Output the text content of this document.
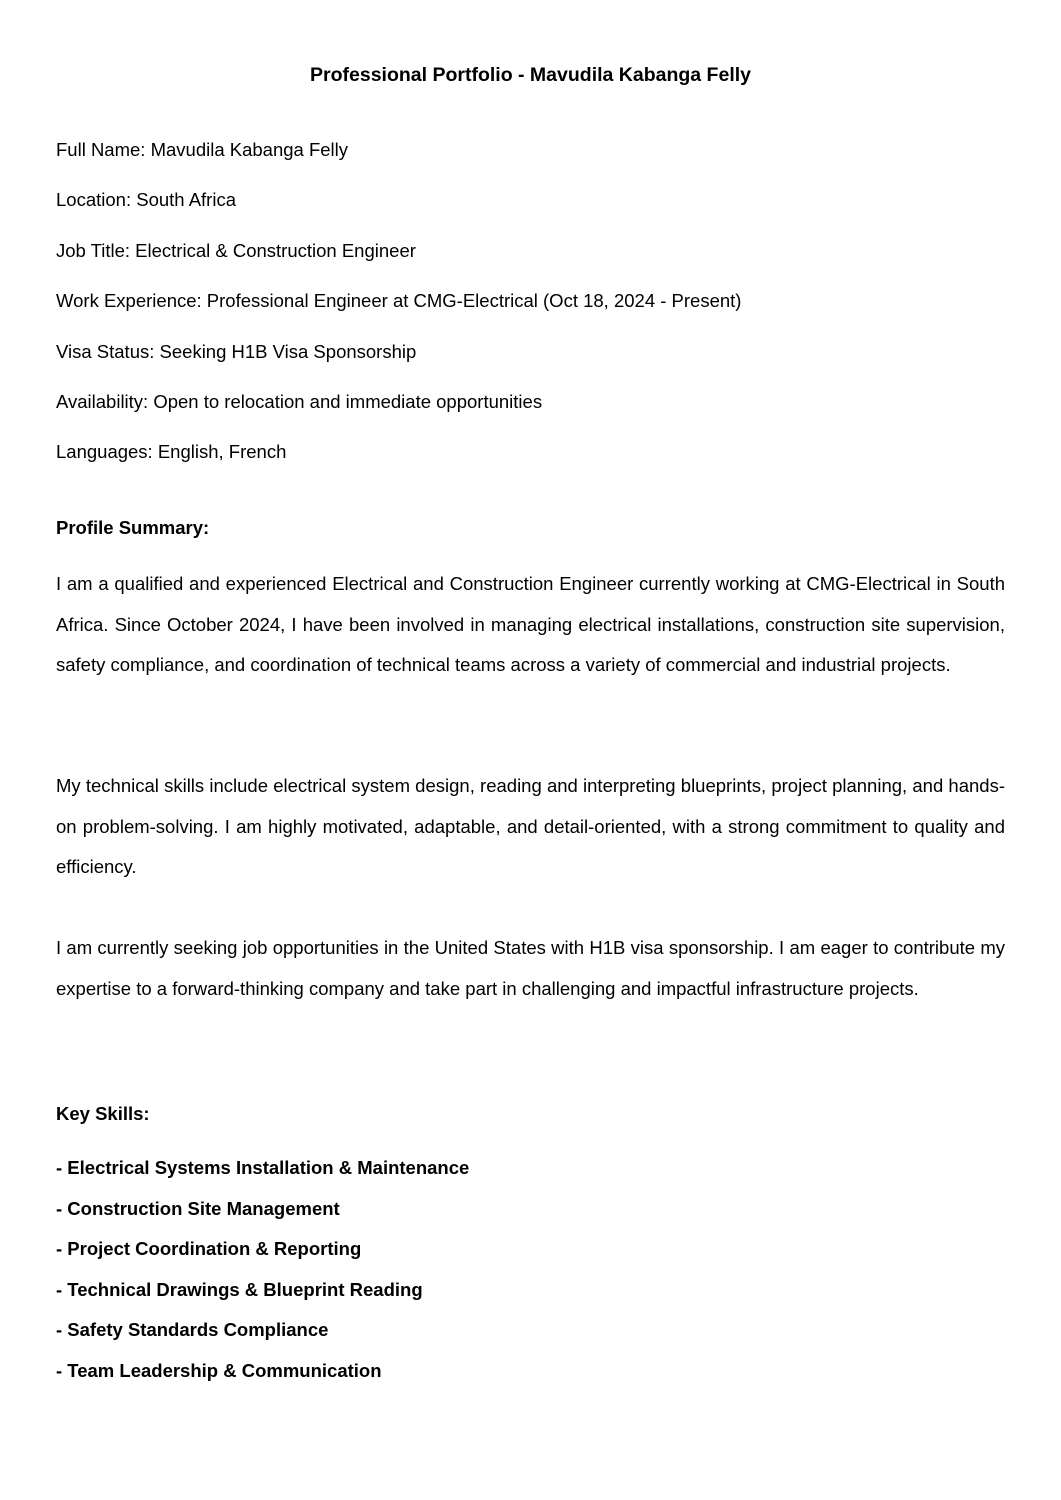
Professional Portfolio - Mavudila Kabanga Felly
Full Name: Mavudila Kabanga Felly
Location: South Africa
Job Title: Electrical & Construction Engineer
Work Experience: Professional Engineer at CMG-Electrical (Oct 18, 2024 - Present)
Visa Status: Seeking H1B Visa Sponsorship
Availability: Open to relocation and immediate opportunities
Languages: English, French
Profile Summary:

I am a qualified and experienced Electrical and Construction Engineer currently working at CMG-Electrical in South Africa. Since October 2024, I have been involved in managing electrical installations, construction site supervision, safety compliance, and coordination of technical teams across a variety of commercial and industrial projects.

My technical skills include electrical system design, reading and interpreting blueprints, project planning, and hands-on problem-solving. I am highly motivated, adaptable, and detail-oriented, with a strong commitment to quality and efficiency.

I am currently seeking job opportunities in the United States with H1B visa sponsorship. I am eager to contribute my expertise to a forward-thinking company and take part in challenging and impactful infrastructure projects.

Key Skills:
- Electrical Systems Installation & Maintenance
- Construction Site Management
- Project Coordination & Reporting
- Technical Drawings & Blueprint Reading
- Safety Standards Compliance
- Team Leadership & Communication
